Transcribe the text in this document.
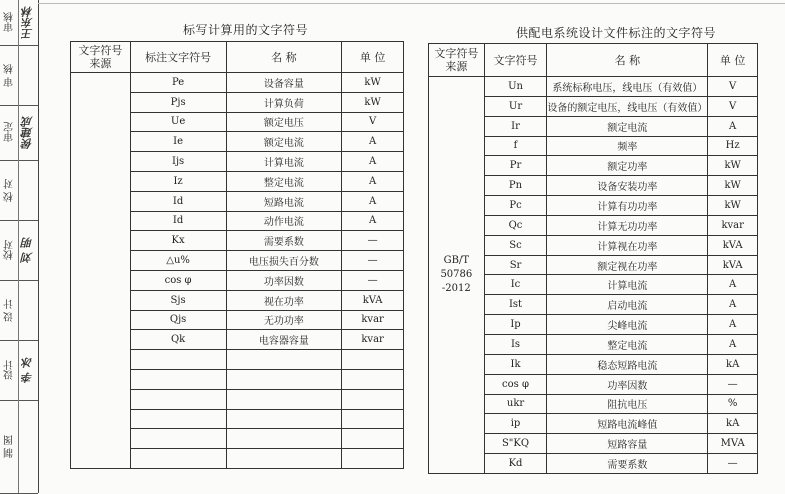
审核 王东林
审 核
审定 侯建成
校 对
校对 刘 明
设 计
设计 李 冰
制 图
标写计算用的文字符号	供配电系统设计文件标注的文字符号
文字符号
来源	标注文字符号	名 称	单 位
	Pe	设备容量	kW
	Pjs	计算负荷	kW
	Ue	额定电压	V
	Ie	额定电流	A
	Ijs	计算电流	A
	Iz	整定电流	A
	Id	短路电流	A
	Id	动作电流	A
	Kx	需要系数	—
	△u%	电压损失百分数	—
	cos φ	功率因数	—
	Sjs	视在功率	kVA
	Qjs	无功功率	kvar
	Qk	电容器容量	kvar

文字符号
来源	文字符号	名 称	单 位
GB/T 50786
-2012	Un	系统标称电压，线电压（有效值）	V
	Ur	设备的额定电压，线电压（有效值）	V
	Ir	额定电流	A
	f	频率	Hz
	Pr	额定功率	kW
	Pn	设备安装功率	kW
	Pc	计算有功功率	kW
	Qc	计算无功功率	kvar
	Sc	计算视在功率	kVA
	Sr	额定视在功率	kVA
	Ic	计算电流	A
	Ist	启动电流	A
	Ip	尖峰电流	A
	Is	整定电流	A
	Ik	稳态短路电流	kA
	cos φ	功率因数	—
	ukr	阻抗电压	%
	ip	短路电流峰值	kA
	S"KQ	短路容量	MVA
	Kd	需要系数	—
